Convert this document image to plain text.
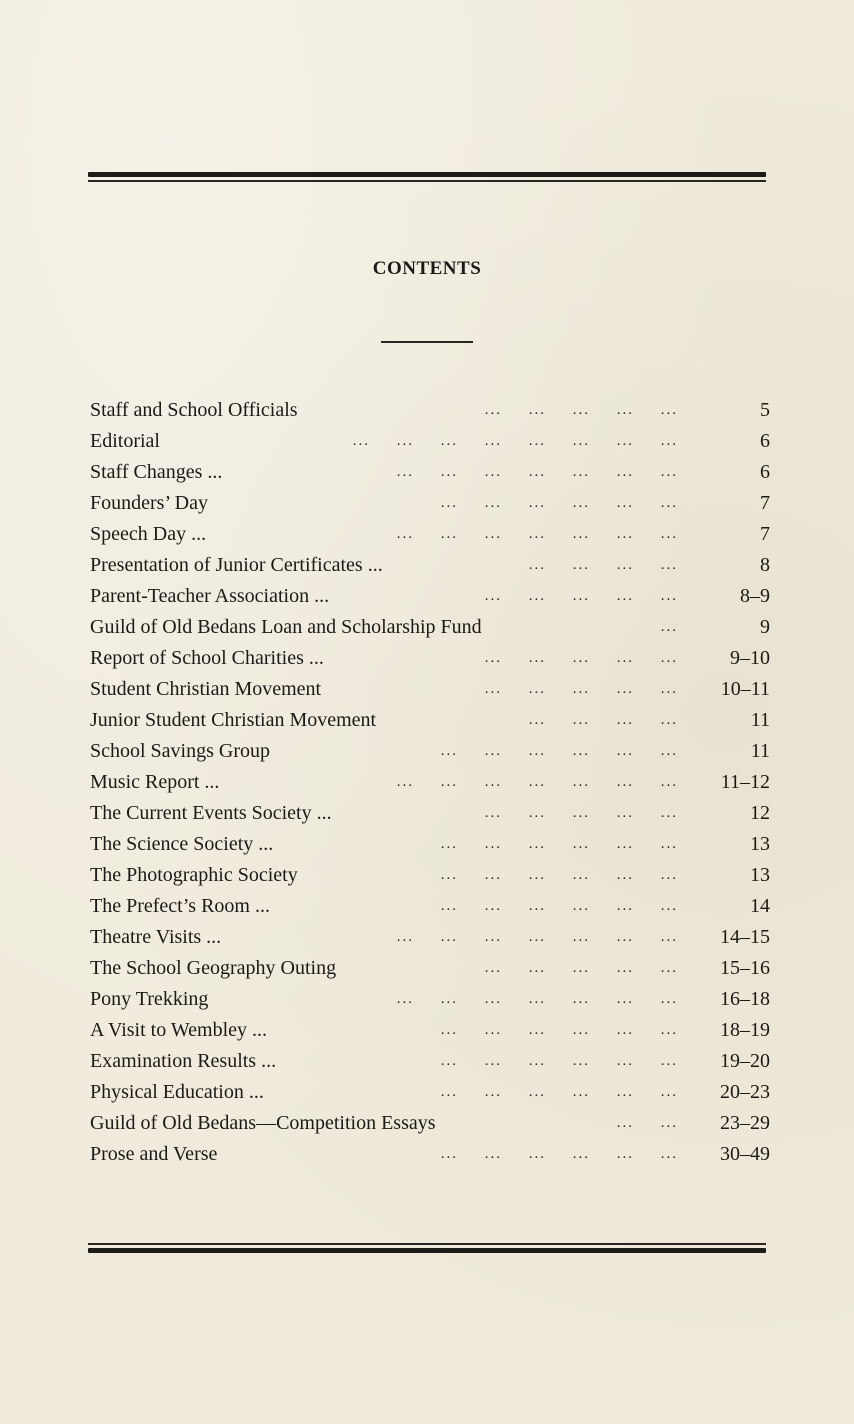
CONTENTS
... ... ... ... ...
Staff and School Officials	5
... ... ... ... ... ... ... ...
Editorial	6
... ... ... ... ... ... ...
Staff Changes ...	6
... ... ... ... ... ...
Founders’ Day	7
... ... ... ... ... ... ...
Speech Day ...	7
... ... ... ...
Presentation of Junior Certificates ...	8
... ... ... ... ...
Parent-Teacher Association ...	8–9
...
Guild of Old Bedans Loan and Scholarship Fund	9
... ... ... ... ...
Report of School Charities ...	9–10
... ... ... ... ...
Student Christian Movement	10–11
... ... ... ...
Junior Student Christian Movement	11
... ... ... ... ... ...
School Savings Group	11
... ... ... ... ... ... ...
Music Report ...	11–12
... ... ... ... ...
The Current Events Society ...	12
... ... ... ... ... ...
The Science Society ...	13
... ... ... ... ... ...
The Photographic Society	13
... ... ... ... ... ...
The Prefect’s Room ...	14
... ... ... ... ... ... ...
Theatre Visits ...	14–15
... ... ... ... ...
The School Geography Outing	15–16
... ... ... ... ... ... ...
Pony Trekking	16–18
... ... ... ... ... ...
A Visit to Wembley ...	18–19
... ... ... ... ... ...
Examination Results ...	19–20
... ... ... ... ... ...
Physical Education ...	20–23
... ...
Guild of Old Bedans—Competition Essays	23–29
... ... ... ... ... ...
Prose and Verse	30–49
